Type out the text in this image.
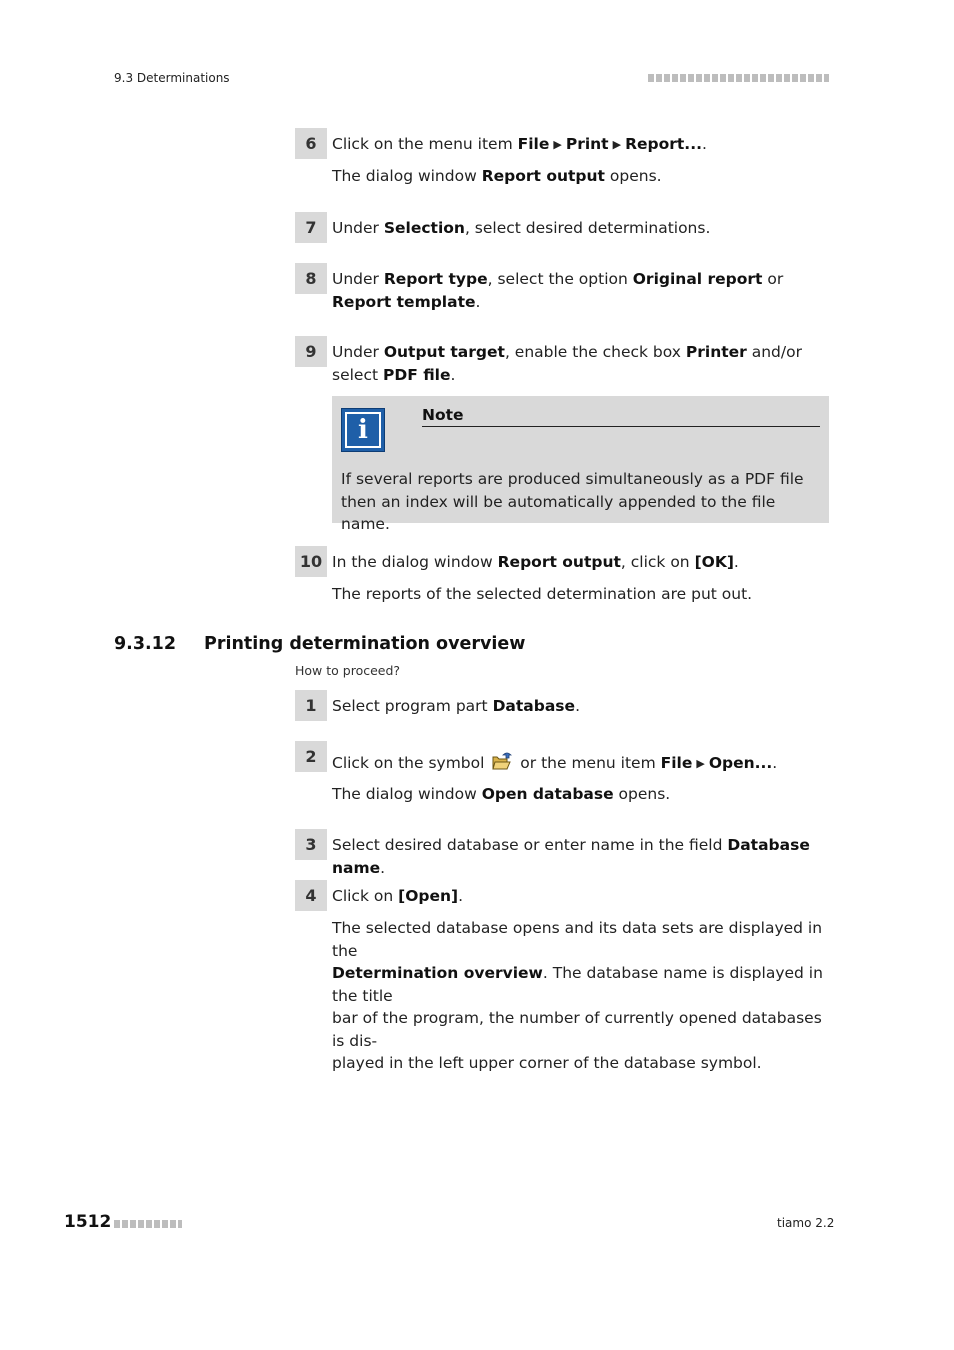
9.3 Determinations
6 Click on the menu item File ▶ Print ▶ Report....
The dialog window Report output opens.
7 Under Selection, select desired determinations.
8 Under Report type, select the option Original report or Report template.
9 Under Output target, enable the check box Printer and/or select PDF file.
i	Note
If several reports are produced simultaneously as a PDF file then an index will be automatically appended to the file name.
10 In the dialog window Report output, click on [OK].
The reports of the selected determination are put out.
9.3.12 Printing determination overview
How to proceed?
1 Select program part Database.
2 Click on the symbol  or the menu item File ▶ Open....
The dialog window Open database opens.
3 Select desired database or enter name in the field Database name.
4 Click on [Open].
The selected database opens and its data sets are displayed in the
Determination overview. The database name is displayed in the title
bar of the program, the number of currently opened databases is dis-
played in the left upper corner of the database symbol.
1512	tiamo 2.2
